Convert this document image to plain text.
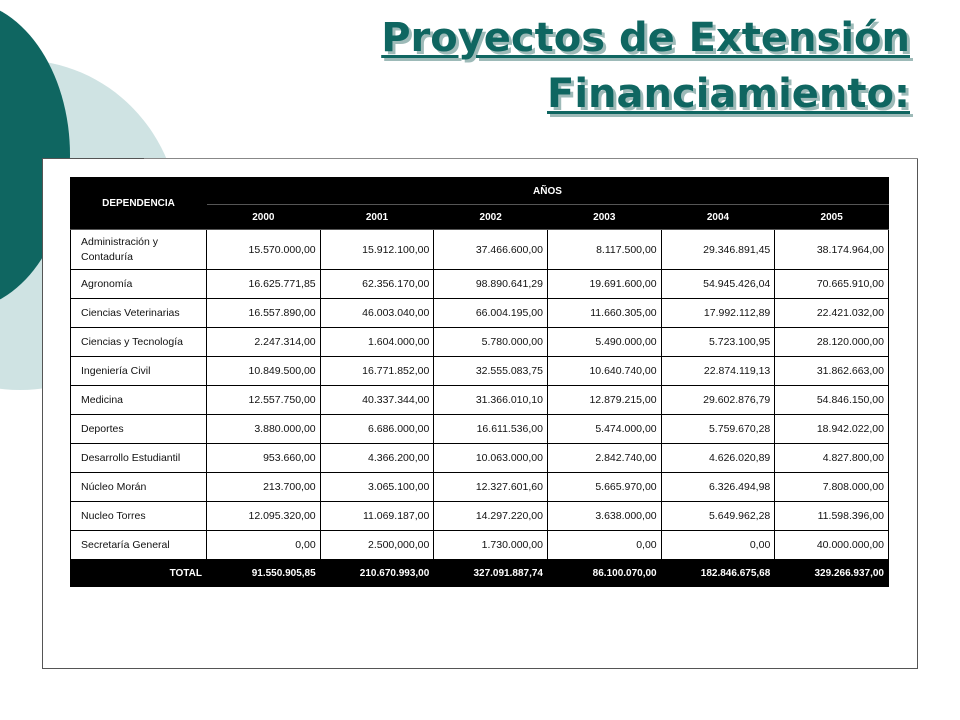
Proyectos de Extensión
Financiamiento:
DEPENDENCIA	AÑOS					
	2000	2001	2002	2003	2004	2005
Administración y Contaduría	15.570.000,00	15.912.100,00	37.466.600,00	8.117.500,00	29.346.891,45	38.174.964,00
Agronomía	16.625.771,85	62.356.170,00	98.890.641,29	19.691.600,00	54.945.426,04	70.665.910,00
Ciencias Veterinarias	16.557.890,00	46.003.040,00	66.004.195,00	11.660.305,00	17.992.112,89	22.421.032,00
Ciencias y Tecnología	2.247.314,00	1.604.000,00	5.780.000,00	5.490.000,00	5.723.100,95	28.120.000,00
Ingeniería Civil	10.849.500,00	16.771.852,00	32.555.083,75	10.640.740,00	22.874.119,13	31.862.663,00
Medicina	12.557.750,00	40.337.344,00	31.366.010,10	12.879.215,00	29.602.876,79	54.846.150,00
Deportes	3.880.000,00	6.686.000,00	16.611.536,00	5.474.000,00	5.759.670,28	18.942.022,00
Desarrollo Estudiantil	953.660,00	4.366.200,00	10.063.000,00	2.842.740,00	4.626.020,89	4.827.800,00
Núcleo Morán	213.700,00	3.065.100,00	12.327.601,60	5.665.970,00	6.326.494,98	7.808.000,00
Nucleo Torres	12.095.320,00	11.069.187,00	14.297.220,00	3.638.000,00	5.649.962,28	11.598.396,00
Secretaría General	0,00	2.500,000,00	1.730.000,00	0,00	0,00	40.000.000,00
TOTAL	91.550.905,85	210.670.993,00	327.091.887,74	86.100.070,00	182.846.675,68	329.266.937,00
